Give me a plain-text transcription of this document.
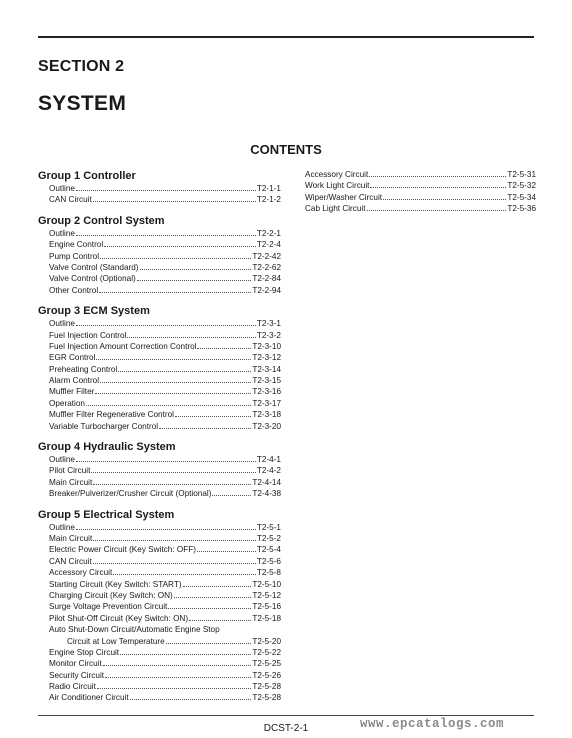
SECTION 2
SYSTEM
CONTENTS
Group 1 Controller
Outline	T2-1-1
CAN Circuit	T2-1-2
Group 2 Control System
Outline	T2-2-1
Engine Control	T2-2-4
Pump Control	T2-2-42
Valve Control (Standard)	T2-2-62
Valve Control (Optional)	T2-2-84
Other Control	T2-2-94
Group 3 ECM System
Outline	T2-3-1
Fuel Injection Control	T2-3-2
Fuel Injection Amount Correction Control	T2-3-10
EGR Control	T2-3-12
Preheating Control	T2-3-14
Alarm Control	T2-3-15
Muffler Filter	T2-3-16
Operation	T2-3-17
Muffler Filter Regenerative Control	T2-3-18
Variable Turbocharger Control	T2-3-20
Group 4 Hydraulic System
Outline	T2-4-1
Pilot Circuit	T2-4-2
Main Circuit	T2-4-14
Breaker/Pulverizer/Crusher Circuit (Optional)	T2-4-38
Group 5 Electrical System
Outline	T2-5-1
Main Circuit	T2-5-2
Electric Power Circuit (Key Switch: OFF)	T2-5-4
CAN Circuit	T2-5-6
Accessory Circuit	T2-5-8
Starting Circuit (Key Switch: START)	T2-5-10
Charging Circuit (Key Switch: ON)	T2-5-12
Surge Voltage Prevention Circuit	T2-5-16
Pilot Shut-Off Circuit (Key Switch: ON)	T2-5-18
Auto Shut-Down Circuit/Automatic Engine Stop
Circuit at Low Temperature	T2-5-20
Engine Stop Circuit	T2-5-22
Monitor Circuit	T2-5-25
Security Circuit	T2-5-26
Radio Circuit	T2-5-28
Air Conditioner Circuit	T2-5-28
Accessory Circuit	T2-5-31
Work Light Circuit	T2-5-32
Wiper/Washer Circuit	T2-5-34
Cab Light Circuit	T2-5-36
DCST-2-1	www.epcatalogs.com
